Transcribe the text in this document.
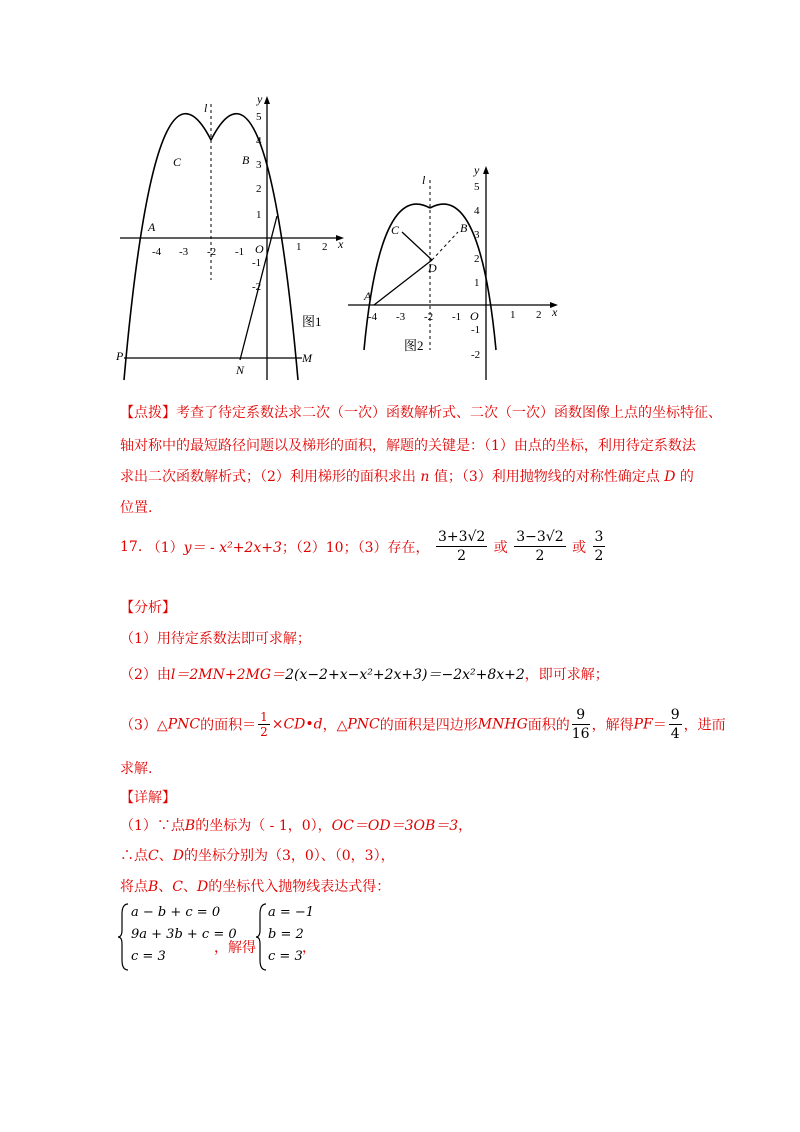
-4 -3 -2 -1	1 2
5
4
3
2
1
-1
-2
x
y
l
O
A
B
C
P
N
M
图1	-4 -3 -2 -1	1 2
5
4
3
2
1
-1
-2
x
y
l
O
A
B
C
D
图2
【点拨】考查了待定系数法求二次（一次）函数解析式、二次（一次）函数图像上点的坐标特征、
轴对称中的最短路径问题以及梯形的面积，解题的关键是：（1）由点的坐标，利用待定系数法
求出二次函数解析式；（2）利用梯形的面积求出 n 值；（3）利用抛物线的对称性确定点 D 的
位置.
17. （1）y＝ - x²+2x+3；（2）10；（3）存在， $\frac{3+3√2}{2}$ 或 $\frac{3-3√2}{2}$ 或 $\frac{3}{2}$
【分析】
（1）用待定系数法即可求解；
（2）由l＝2MN+2MG＝2(x−2+x−x²+2x+3)＝−2x²+8x+2，即可求解；
（3）△PNC的面积＝ $\frac{1}{2}$ ×CD•d，△PNC的面积是四边形MNHG面积的 $\frac{9}{16}$ ，解得$PF= \frac{9}{4}$ ，进而
求解.
【详解】
（1）∵点B的坐标为（ - 1，0），OC＝OD＝3OB＝3，
∴点C、D的坐标分别为（3，0）、（0，3），
将点B、C、D的坐标代入抛物线表达式得：
a − b + c = 0
9a + 3b + c = 0
c = 3
，解得
a = −1
b = 2
c = 3
，
